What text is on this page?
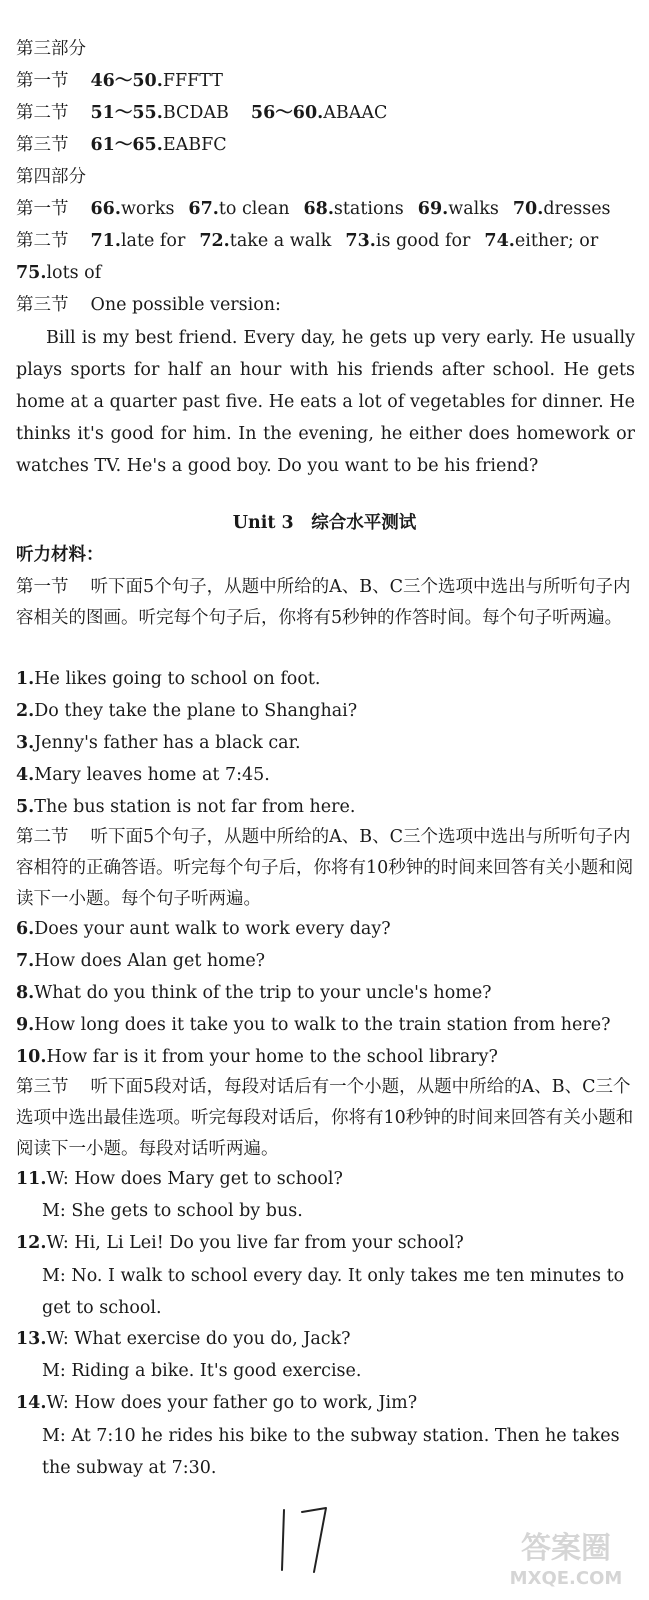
第三部分
第一节 46～50.FFFTT
第二节 51～55.BCDAB 56～60.ABAAC
第三节 61～65.EABFC
第四部分
第一节 66.works 67.to clean 68.stations 69.walks 70.dresses
第二节 71.late for 72.take a walk 73.is good for 74.either; or
75.lots of
第三节 One possible version:
Bill is my best friend. Every day, he gets up very early. He usually plays sports for half an hour with his friends after school. He gets home at a quarter past five. He eats a lot of vegetables for dinner. He thinks it's good for him. In the evening, he either does homework or watches TV. He's a good boy. Do you want to be his friend?
Unit 3　综合水平测试
听力材料：
第一节 听下面5个句子，从题中所给的A、B、C三个选项中选出与所听句子内容相关的图画。听完每个句子后，你将有5秒钟的作答时间。每个句子听两遍。
1.He likes going to school on foot.
2.Do they take the plane to Shanghai?
3.Jenny's father has a black car.
4.Mary leaves home at 7:45.
5.The bus station is not far from here.
第二节 听下面5个句子，从题中所给的A、B、C三个选项中选出与所听句子内容相符的正确答语。听完每个句子后，你将有10秒钟的时间来回答有关小题和阅读下一小题。每个句子听两遍。
6.Does your aunt walk to work every day?
7.How does Alan get home?
8.What do you think of the trip to your uncle's home?
9.How long does it take you to walk to the train station from here?
10.How far is it from your home to the school library?
第三节 听下面5段对话，每段对话后有一个小题，从题中所给的A、B、C三个选项中选出最佳选项。听完每段对话后，你将有10秒钟的时间来回答有关小题和阅读下一小题。每段对话听两遍。
11.W: How does Mary get to school?
M: She gets to school by bus.
12.W: Hi, Li Lei! Do you live far from your school?
M: No. I walk to school every day. It only takes me ten minutes to get to school.
13.W: What exercise do you do, Jack?
M: Riding a bike. It's good exercise.
14.W: How does your father go to work, Jim?
M: At 7:10 he rides his bike to the subway station. Then he takes the subway at 7:30.
答案圈
MXQE.COM
